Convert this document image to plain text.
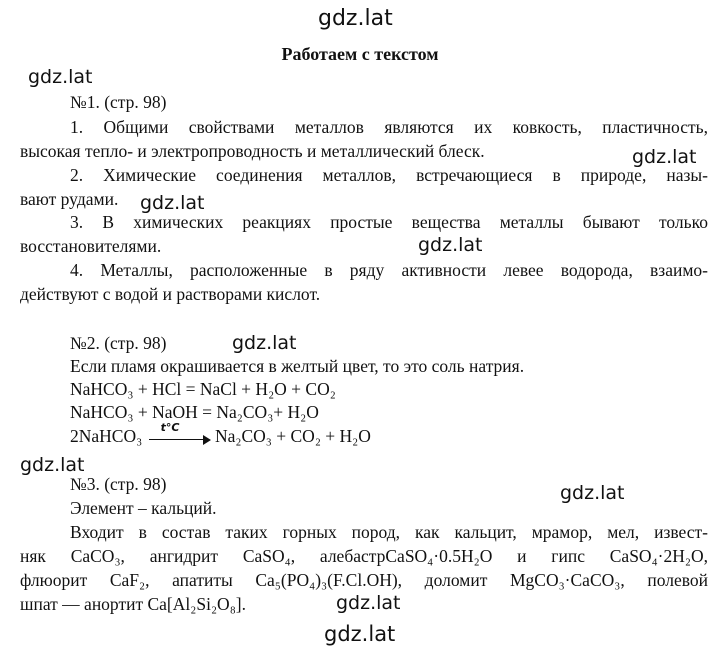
gdz.lat
gdz.lat
gdz.lat
gdz.lat
gdz.lat
gdz.lat
gdz.lat
gdz.lat
gdz.lat
gdz.lat
Работаем с текстом
№1. (стр. 98)
1. Общими свойствами металлов являются их ковкость, пластичность,
высокая тепло- и электропроводность и металлический блеск.
2. Химические соединения металлов, встречающиеся в природе, назы-
вают рудами.
3. В химических реакциях простые вещества металлы бывают только
восстановителями.
4. Металлы, расположенные в ряду активности левее водорода, взаимо-
действуют с водой и растворами кислот.
№2. (стр. 98)
Если пламя окрашивается в желтый цвет, то это соль натрия.
NaHCO₃ + HCl = NaCl + H₂O + CO₂
NaHCO₃ + NaOH = Na₂CO₃+ H₂O
2NaHCO₃ t°C Na₂CO₃ + CO₂ + H₂O
№3. (стр. 98)
Элемент – кальций.
Входит в состав таких горных пород, как кальцит, мрамор, мел, извест-
няк CaCO₃, ангидрит CaSO₄, алебастрCaSO₄·0.5H₂O и гипс CaSO₄·2H₂O,
флюорит CaF₂, апатиты Ca₅(PO₄)₃(F.Cl.OH), доломит MgCO₃·CaCO₃, полевой
шпат — анортит Ca[Al₂Si₂O₈].
